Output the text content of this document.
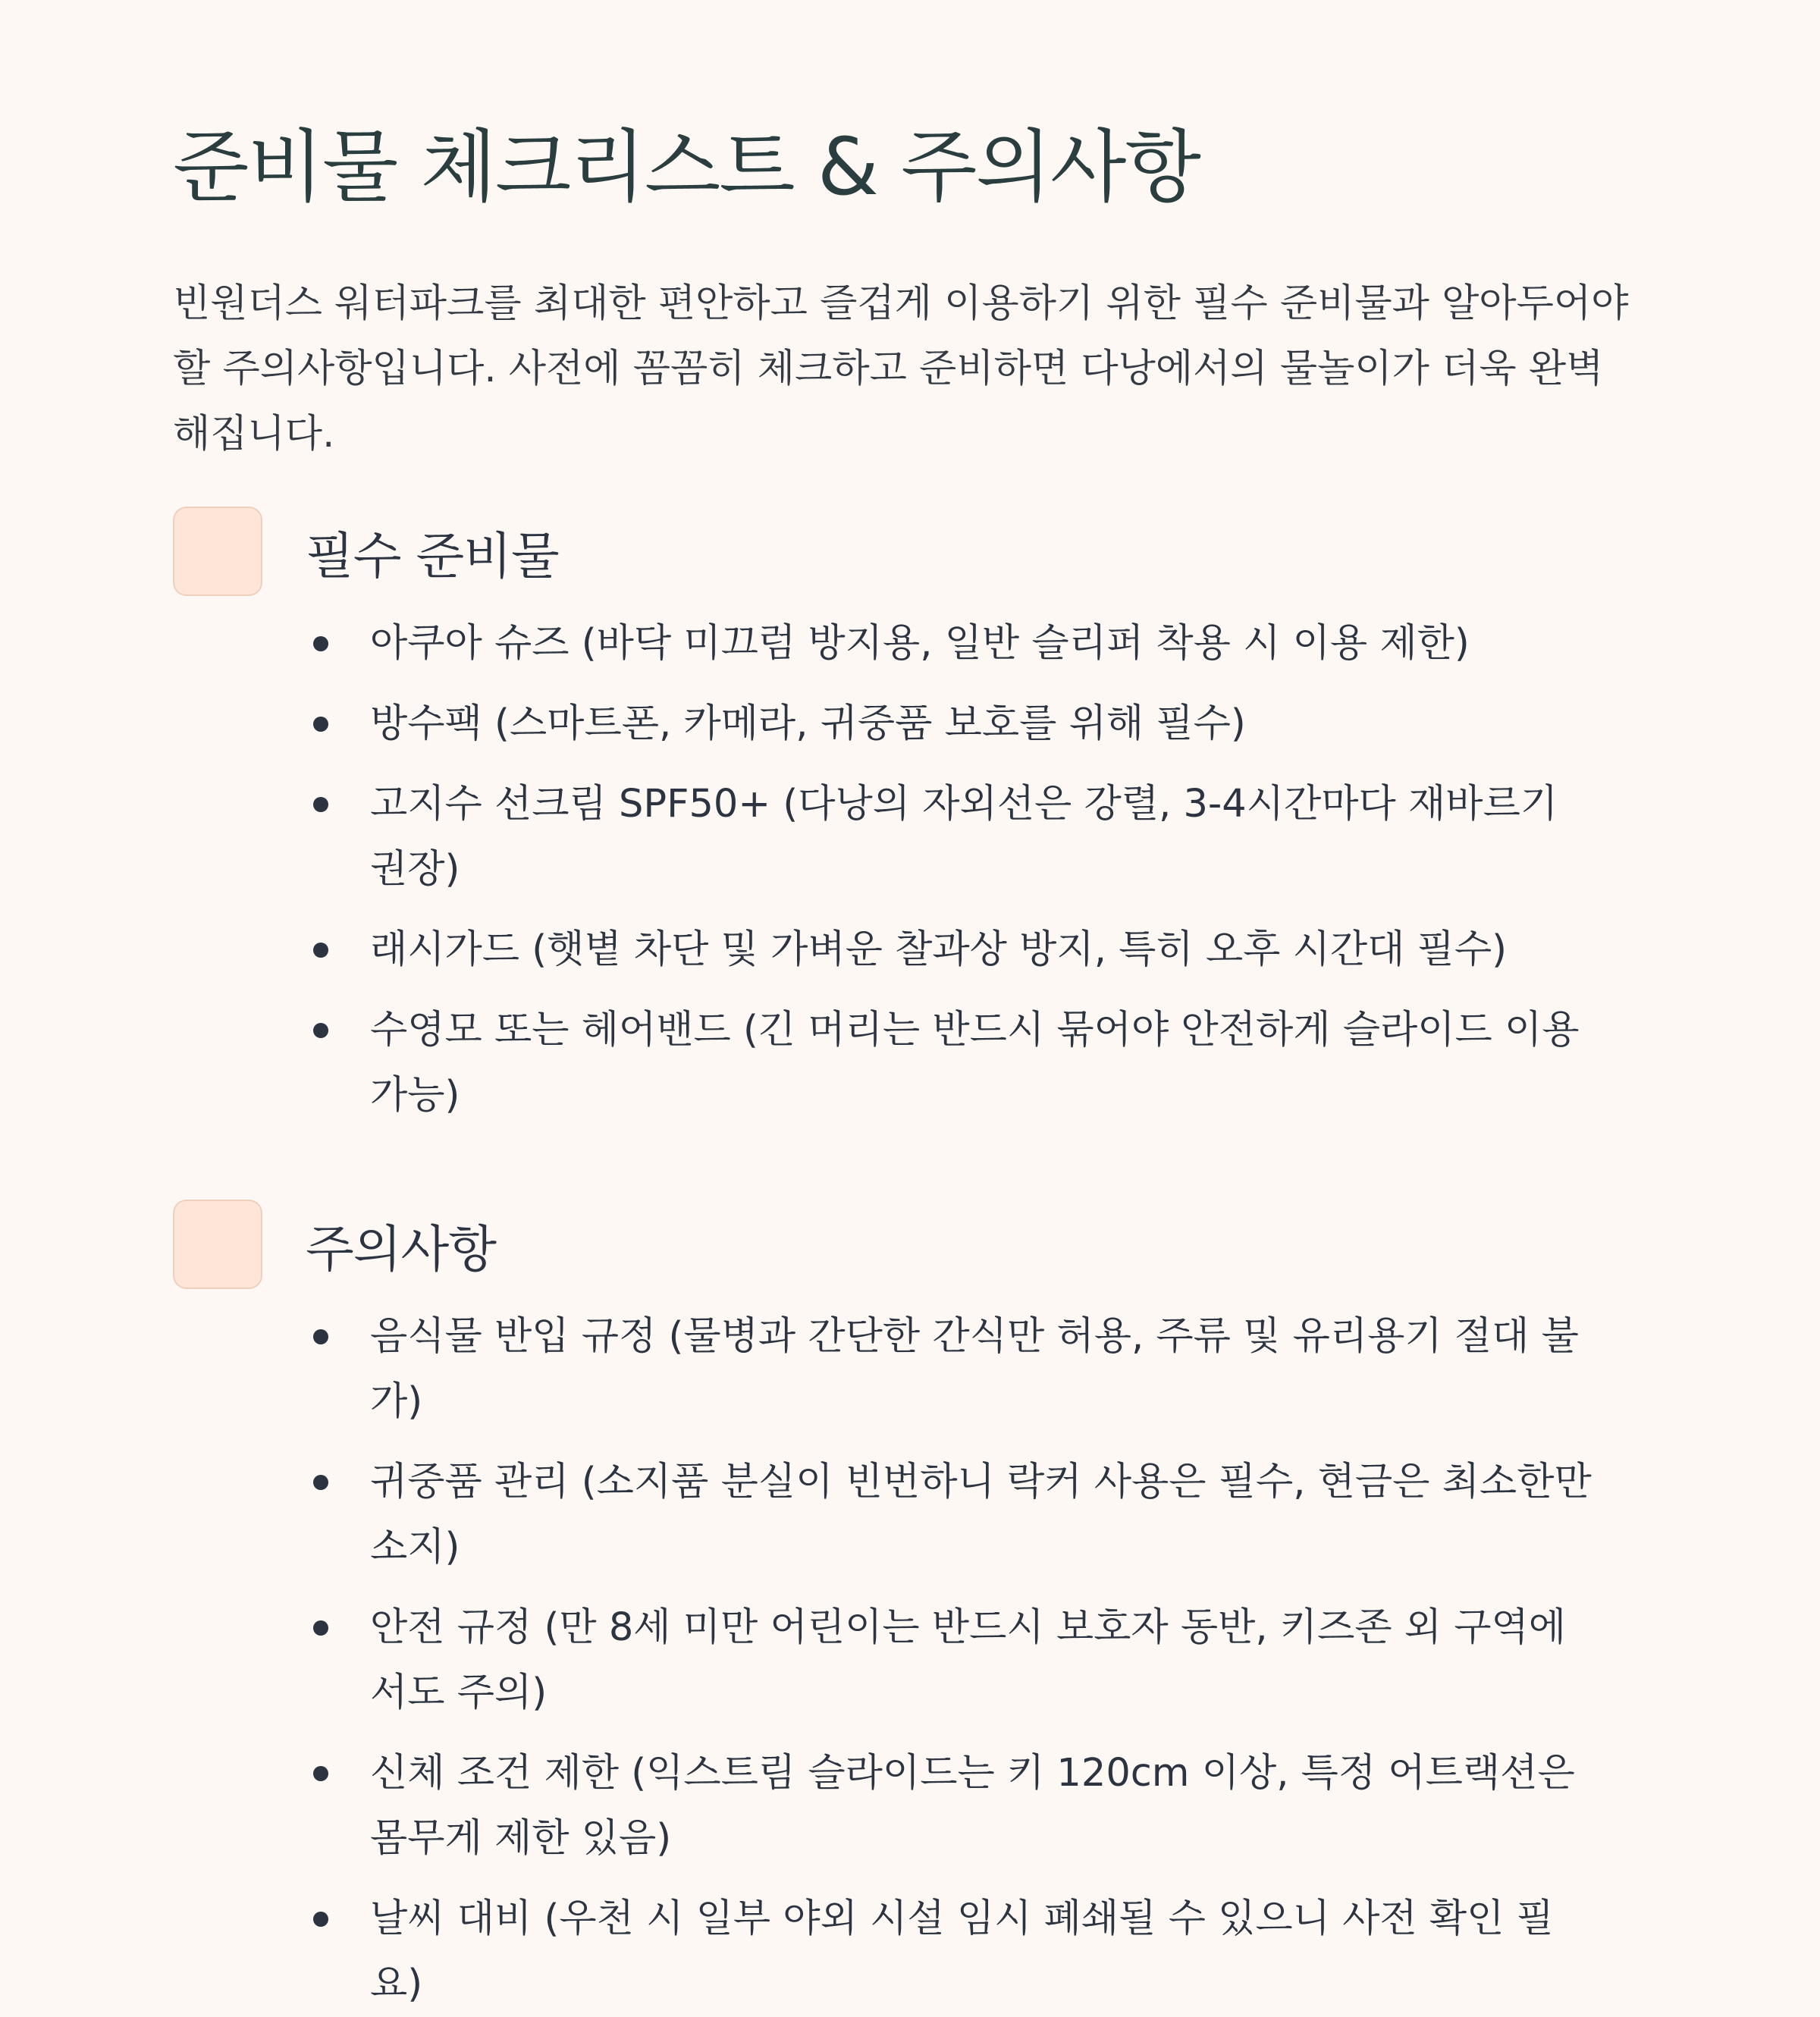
준비물 체크리스트 & 주의사항

빈원더스 워터파크를 최대한 편안하고 즐겁게 이용하기 위한 필수 준비물과 알아두어야 할 주의사항입니다. 사전에 꼼꼼히 체크하고 준비하면 다낭에서의 물놀이가 더욱 완벽해집니다.

필수 준비물
아쿠아 슈즈 (바닥 미끄럼 방지용, 일반 슬리퍼 착용 시 이용 제한)
방수팩 (스마트폰, 카메라, 귀중품 보호를 위해 필수)
고지수 선크림 SPF50+ (다낭의 자외선은 강렬, 3-4시간마다 재바르기 권장)
래시가드 (햇볕 차단 및 가벼운 찰과상 방지, 특히 오후 시간대 필수)
수영모 또는 헤어밴드 (긴 머리는 반드시 묶어야 안전하게 슬라이드 이용 가능)
주의사항
음식물 반입 규정 (물병과 간단한 간식만 허용, 주류 및 유리용기 절대 불가)
귀중품 관리 (소지품 분실이 빈번하니 락커 사용은 필수, 현금은 최소한만 소지)
안전 규정 (만 8세 미만 어린이는 반드시 보호자 동반, 키즈존 외 구역에서도 주의)
신체 조건 제한 (익스트림 슬라이드는 키 120cm 이상, 특정 어트랙션은 몸무게 제한 있음)
날씨 대비 (우천 시 일부 야외 시설 임시 폐쇄될 수 있으니 사전 확인 필요)
